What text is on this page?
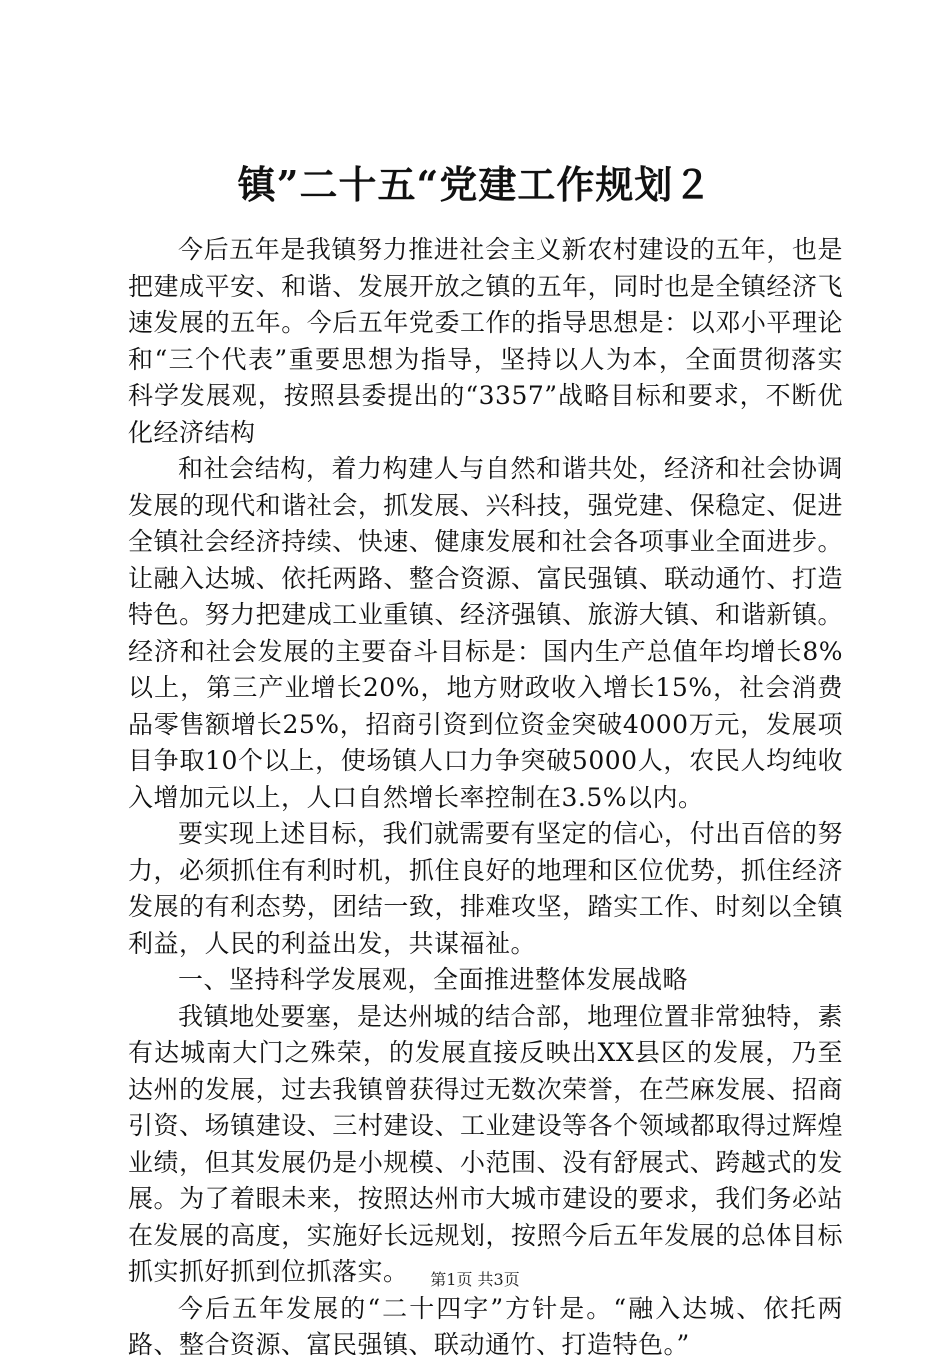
镇”二十五“党建工作规划２

今后五年是我镇努力推进社会主义新农村建设的五年，也是把建成平安、和谐、发展开放之镇的五年，同时也是全镇经济飞速发展的五年。今后五年党委工作的指导思想是：以邓小平理论和“三个代表”重要思想为指导，坚持以人为本，全面贯彻落实科学发展观，按照县委提出的“3357”战略目标和要求，不断优化经济结构

和社会结构，着力构建人与自然和谐共处，经济和社会协调发展的现代和谐社会，抓发展、兴科技，强党建、保稳定、促进全镇社会经济持续、快速、健康发展和社会各项事业全面进步。让融入达城、依托两路、整合资源、富民强镇、联动通竹、打造特色。努力把建成工业重镇、经济强镇、旅游大镇、和谐新镇。经济和社会发展的主要奋斗目标是：国内生产总值年均增长8%以上，第三产业增长20%，地方财政收入增长15%，社会消费品零售额增长25%，招商引资到位资金突破4000万元，发展项目争取10个以上，使场镇人口力争突破5000人，农民人均纯收入增加元以上，人口自然增长率控制在3.5%以内。

要实现上述目标，我们就需要有坚定的信心，付出百倍的努力，必须抓住有利时机，抓住良好的地理和区位优势，抓住经济发展的有利态势，团结一致，排难攻坚，踏实工作、时刻以全镇利益，人民的利益出发，共谋福祉。

一、坚持科学发展观，全面推进整体发展战略

我镇地处要塞，是达州城的结合部，地理位置非常独特，素有达城南大门之殊荣，的发展直接反映出XX县区的发展，乃至达州的发展，过去我镇曾获得过无数次荣誉，在苎麻发展、招商引资、场镇建设、三村建设、工业建设等各个领域都取得过辉煌业绩，但其发展仍是小规模、小范围、没有舒展式、跨越式的发展。为了着眼未来，按照达州市大城市建设的要求，我们务必站在发展的高度，实施好长远规划，按照今后五年发展的总体目标抓实抓好抓到位抓落实。

今后五年发展的“二十四字”方针是。“融入达城、依托两路、整合资源、富民强镇、联动通竹、打造特色。”

第1页 共3页
